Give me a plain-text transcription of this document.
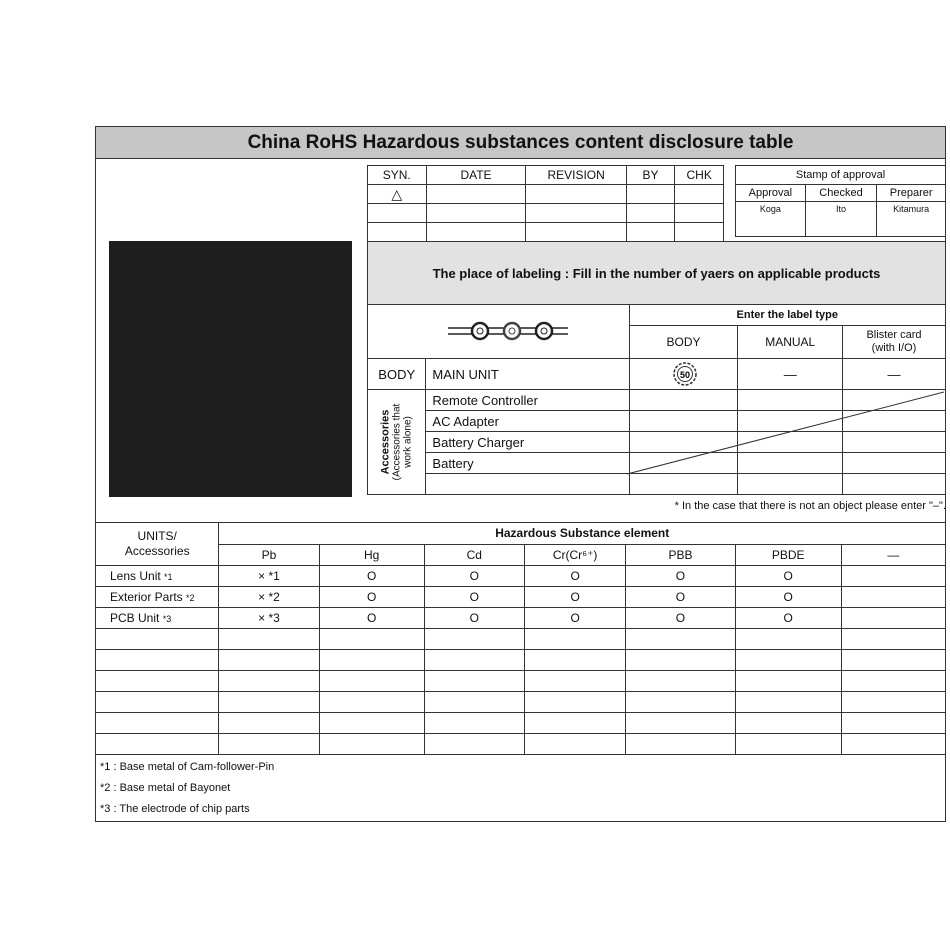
China RoHS Hazardous substances content disclosure table
SYN.	DATE	REVISION	BY	CHK
△				

Stamp of approval		
Approval	Checked	Preparer
Koga	Ito	Kitamura
The place of labeling : Fill in the number of yaers on applicable products				

	Enter the label type		
		BODY	MANUAL	Blister card
(with I/O)
BODY	MAIN UNIT	50	—	—

Accessories (Accessories that work alone)	Remote Controller			
	AC Adapter			
	Battery Charger			
	Battery			

* In the case that there is not an object please enter "–".
UNITS/
Accessories	Hazardous Substance element						
	Pb	Hg	Cd	Cr(Cr⁶⁺)	PBB	PBDE	—
Lens Unit *1	× *1	O	O	O	O	O	
Exterior Parts *2	× *2	O	O	O	O	O	
PCB Unit *3	× *3	O	O	O	O	O	

*1 : Base metal of Cam-follower-Pin
*2 : Base metal of Bayonet
*3 : The electrode of chip parts
